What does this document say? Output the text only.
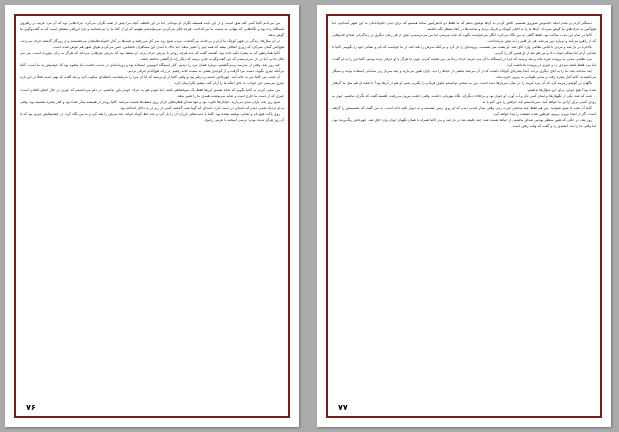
من می‌دانم کاتیا کمی کله شق است، و از این بابت همیشه نگران او بوده‌ام. اما در این لحظه، آنچه مرا بیش از همه نگران می‌کرد، حرف‌هایی بود که آن مرد غریبه در راهروی ایستگاه زده بود و نگاه‌هایی که پنهانی به سمت ما می‌انداخت. هرچه فکر می‌کردم نمی‌توانستم بفهمم که او از کجا ما را می‌شناسد و چرا این‌قدر مشتاق است که به گفت‌وگوی ما گوش بدهد.

در آن سال‌ها، زندگی در شهر کوچک ما آرام و بی‌حادثه می‌گذشت. مردم صبح زود سر کار می‌رفتند و شب‌ها در کنار خانواده‌هایشان می‌نشستند و از روزگار گذشته حرف می‌زدند. هیچ‌کس گمان نمی‌کرد که روزی اتفاقی بیفتد که همه چیز را تغییر بدهد. اما حالا، با آمدن این مسافران ناشناس، حس می‌کردم هوای شهر هم عوض شده است.

کاتیا همان‌طور که به پنجره تکیه داده بود، آهسته گفت که باید هرچه زودتر با پدرش حرف بزند. او معتقد بود که پدرش چیزهایی می‌داند که هرگز به زبان نیاورده است. من سر تکان دادم، اما در دل می‌ترسیدم که این گفت‌وگو به جایی برسد که دیگر راه بازگشتی نداشته باشد.

چند روز بعد، وقتی از مدرسه برمی‌گشتیم، دوباره همان مرد را دیدیم. کنار ایستگاه اتوبوس ایستاده بود و روزنامه‌ای در دست داشت، اما معلوم بود که حواسش به ما است. کاتیا بی‌آنکه چیزی بگوید، دست مرا گرفت و از کوچه‌ی پشتی به سمت خانه رفتیم. در راه، هیچ‌کدام حرفی نزدیم.

آن شب، پدر کاتیا دیر به خانه آمد. چهره‌اش خسته و درهم بود و وقتی کاتیا از او پرسید که آیا آن مرد را می‌شناسد، لحظه‌ای سکوت کرد و بعد گفت که بهتر است فعلاً در این باره چیزی نپرسیم. این جواب، به جای اینکه ما را آرام کند، بیشتر نگران‌مان کرد.

من سعی کردم به کاتیا بگویم که شاید همه‌ی این‌ها فقط یک سوءتفاهم باشد، اما خودم هم به حرف خودم باور نداشتم. در دلم می‌دانستم که چیزی در حال اتفاق افتادن است؛ چیزی که از دست ما خارج است و شاید سرنوشت همه‌ی ما را تغییر بدهد.

صبح روز بعد، باران تندی می‌بارید. خیابان‌ها خلوت بود و تنها صدای قطره‌های باران روی سقف‌ها شنیده می‌شد. کاتیا زودتر از همیشه بیدار شده بود و کنار پنجره نشسته بود. وقتی به او نزدیک شدم، دیدم که نامه‌ای در دست دارد؛ نامه‌ای که گویا شب گذشته کسی از زیر در به داخل انداخته بود.

روی پاکت هیچ نام و نشانی نوشته نشده بود. کاتیا با دست‌هایی لرزان آن را باز کرد و چند خط کوتاه خواند. بعد سرش را بلند کرد و به من نگاه کرد. در چشم‌هایش چیزی بود که تا آن روز هرگز ندیده بودم: ترسی آمیخته با عزمی راسخ.

۷۶

دستگیر کردن و بعدم اینکه جاسوس شوروی هستیم. تلاش کردم به آن‌ها توضیح بدهم که ما فقط دو دانش‌آموز ساده هستیم که برای دیدن خانواده‌مان به این شهر آمده‌ایم، اما هیچ‌کس به حرف‌های ما گوش نمی‌داد. آن‌ها ما را به اتاقی کوچک و تاریک بردند و ساعت‌ها در آنجا منتظر نگه داشتند.

کاتیا در تمام این مدت ساکت بود. فقط گاهی به من نگاه می‌کرد، انگار می‌خواست بگوید که نباید بترسم. اما من می‌ترسیدم؛ بیش از هر زمان دیگری در زندگی‌ام. صدای قدم‌هایی که از راهرو می‌آمد و دوباره دور می‌شد، هر بار قلبم را به تپش می‌انداخت.

بالاخره در باز شد و مردی با لباس نظامی وارد اتاق شد. او پشت میز نشست، پرونده‌ای را باز کرد و بی‌آنکه سرش را بلند کند، از ما خواست که نام و نشانی خود را بگوییم. کاتیا با صدایی آرام اما محکم جواب داد و من هم بعد از او همین کار را کردم.

مرد نظامی مدتی به پرونده خیره ماند و بعد پرسید که چرا در ایستگاه با آن مرد غریبه حرف زده‌ایم. من تعجب کردم، چون ما هرگز با او حرفی نزده بودیم. کاتیا این را به او گفت، اما مرد فقط لبخند سردی زد و چیزی در پرونده یادداشت کرد.

چند ساعت بعد، ما را به اتاق دیگری بردند. آنجا پنجره‌ای کوچک داشت که از آن می‌شد بخشی از حیاط را دید. باران هنوز می‌بارید و چند سرباز زیر سایبانی ایستاده بودند و سیگار می‌کشیدند. کاتیا کنار پنجره رفت و مدتی طولانی به بیرون خیره ماند.

ناگهان در گوشم زمزمه کرد که آن مرد غریبه را در میان سربازها دیده است. من به سختی توانستم جلوی فریادم را بگیرم. یعنی او هم از آن‌ها بود؟ یا شاید او هم مثل ما گرفتار شده بود؟ هیچ جوابی برای این سؤال‌ها نداشتم.

شب که شد، یکی از نگهبان‌ها برایمان کمی نان و آب آورد. او جوان بود و برخلاف دیگران، نگاه مهربانی داشت. وقتی داشت بیرون می‌رفت، آهسته گفت که نگران نباشیم، چون به زودی کسی برای آزادی ما خواهد آمد. نمی‌دانستم باید حرفش را باور کنم یا نه.

کاتیا آن شب تا صبح نخوابید. من هم فقط چند ساعتی چرت زدم. وقتی بیدار شدم، دیدم که او روی زمین نشسته و به دیوار تکیه داده است. به من گفت که تصمیمش را گرفته است: اگر از اینجا بیرون برویم، هرطور شده حقیقت را پیدا خواهد کرد.

روز بعد، در حالی که هنوز منتظر بودیم، صدای ماشینی از حیاط شنیده شد. چند دقیقه بعد در باز شد و پدر کاتیا همراه با همان نگهبان جوان وارد اتاق شد. چهره‌اش رنگ‌پریده بود، اما وقتی ما را دید، لبخندی زد و گفت که وقت رفتن است.

۷۷
